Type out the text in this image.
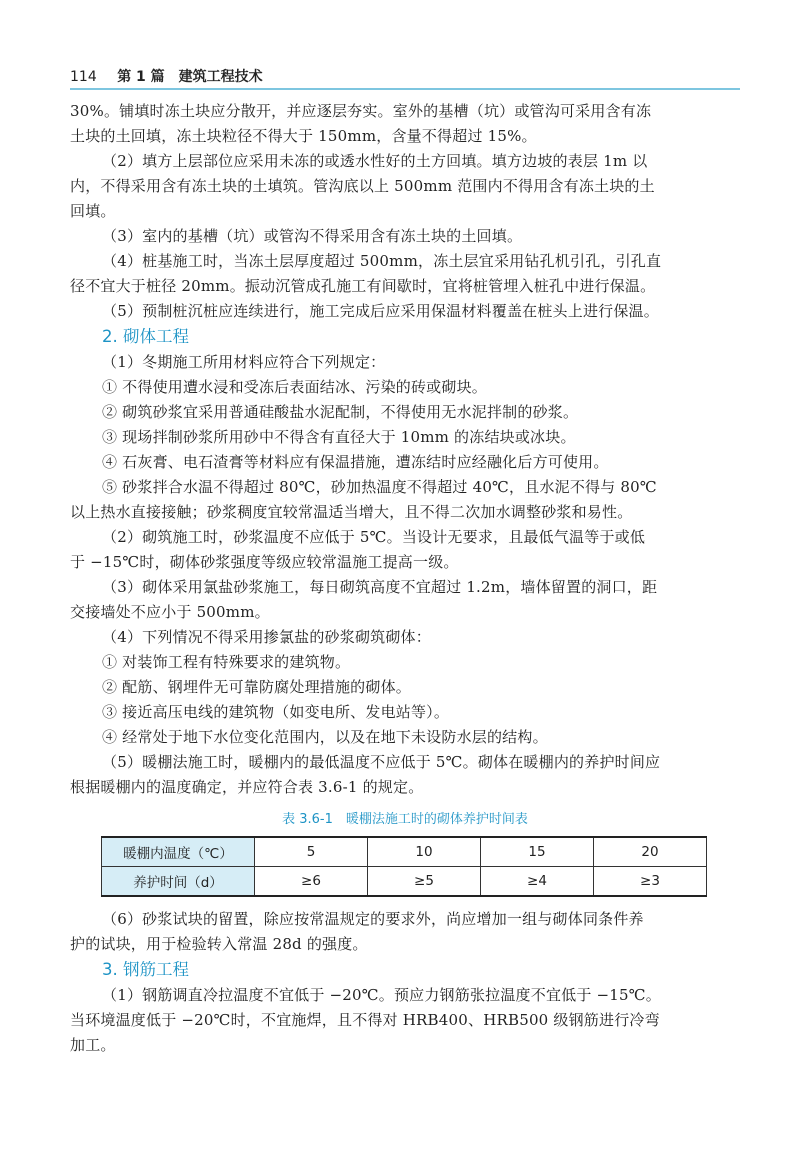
114 第 1 篇　建筑工程技术
30%。铺填时冻土块应分散开，并应逐层夯实。室外的基槽（坑）或管沟可采用含有冻
土块的土回填，冻土块粒径不得大于 150mm，含量不得超过 15%。
（2）填方上层部位应采用未冻的或透水性好的土方回填。填方边坡的表层 1m 以
内，不得采用含有冻土块的土填筑。管沟底以上 500mm 范围内不得用含有冻土块的土
回填。
（3）室内的基槽（坑）或管沟不得采用含有冻土块的土回填。
（4）桩基施工时，当冻土层厚度超过 500mm，冻土层宜采用钻孔机引孔，引孔直
径不宜大于桩径 20mm。振动沉管成孔施工有间歇时，宜将桩管埋入桩孔中进行保温。
（5）预制桩沉桩应连续进行，施工完成后应采用保温材料覆盖在桩头上进行保温。
2. 砌体工程
（1）冬期施工所用材料应符合下列规定：
① 不得使用遭水浸和受冻后表面结冰、污染的砖或砌块。
② 砌筑砂浆宜采用普通硅酸盐水泥配制，不得使用无水泥拌制的砂浆。
③ 现场拌制砂浆所用砂中不得含有直径大于 10mm 的冻结块或冰块。
④ 石灰膏、电石渣膏等材料应有保温措施，遭冻结时应经融化后方可使用。
⑤ 砂浆拌合水温不得超过 80℃，砂加热温度不得超过 40℃，且水泥不得与 80℃
以上热水直接接触；砂浆稠度宜较常温适当增大，且不得二次加水调整砂浆和易性。
（2）砌筑施工时，砂浆温度不应低于 5℃。当设计无要求，且最低气温等于或低
于 −15℃时，砌体砂浆强度等级应较常温施工提高一级。
（3）砌体采用氯盐砂浆施工，每日砌筑高度不宜超过 1.2m，墙体留置的洞口，距
交接墙处不应小于 500mm。
（4）下列情况不得采用掺氯盐的砂浆砌筑砌体：
① 对装饰工程有特殊要求的建筑物。
② 配筋、钢埋件无可靠防腐处理措施的砌体。
③ 接近高压电线的建筑物（如变电所、发电站等）。
④ 经常处于地下水位变化范围内，以及在地下未设防水层的结构。
（5）暖棚法施工时，暖棚内的最低温度不应低于 5℃。砌体在暖棚内的养护时间应
根据暖棚内的温度确定，并应符合表 3.6-1 的规定。
表 3.6-1　暖棚法施工时的砌体养护时间表
暖棚内温度（℃）	5	10	15	20
养护时间（d）	≥6	≥5	≥4	≥3
（6）砂浆试块的留置，除应按常温规定的要求外，尚应增加一组与砌体同条件养
护的试块，用于检验转入常温 28d 的强度。
3. 钢筋工程
（1）钢筋调直冷拉温度不宜低于 −20℃。预应力钢筋张拉温度不宜低于 −15℃。
当环境温度低于 −20℃时，不宜施焊，且不得对 HRB400、HRB500 级钢筋进行冷弯
加工。
